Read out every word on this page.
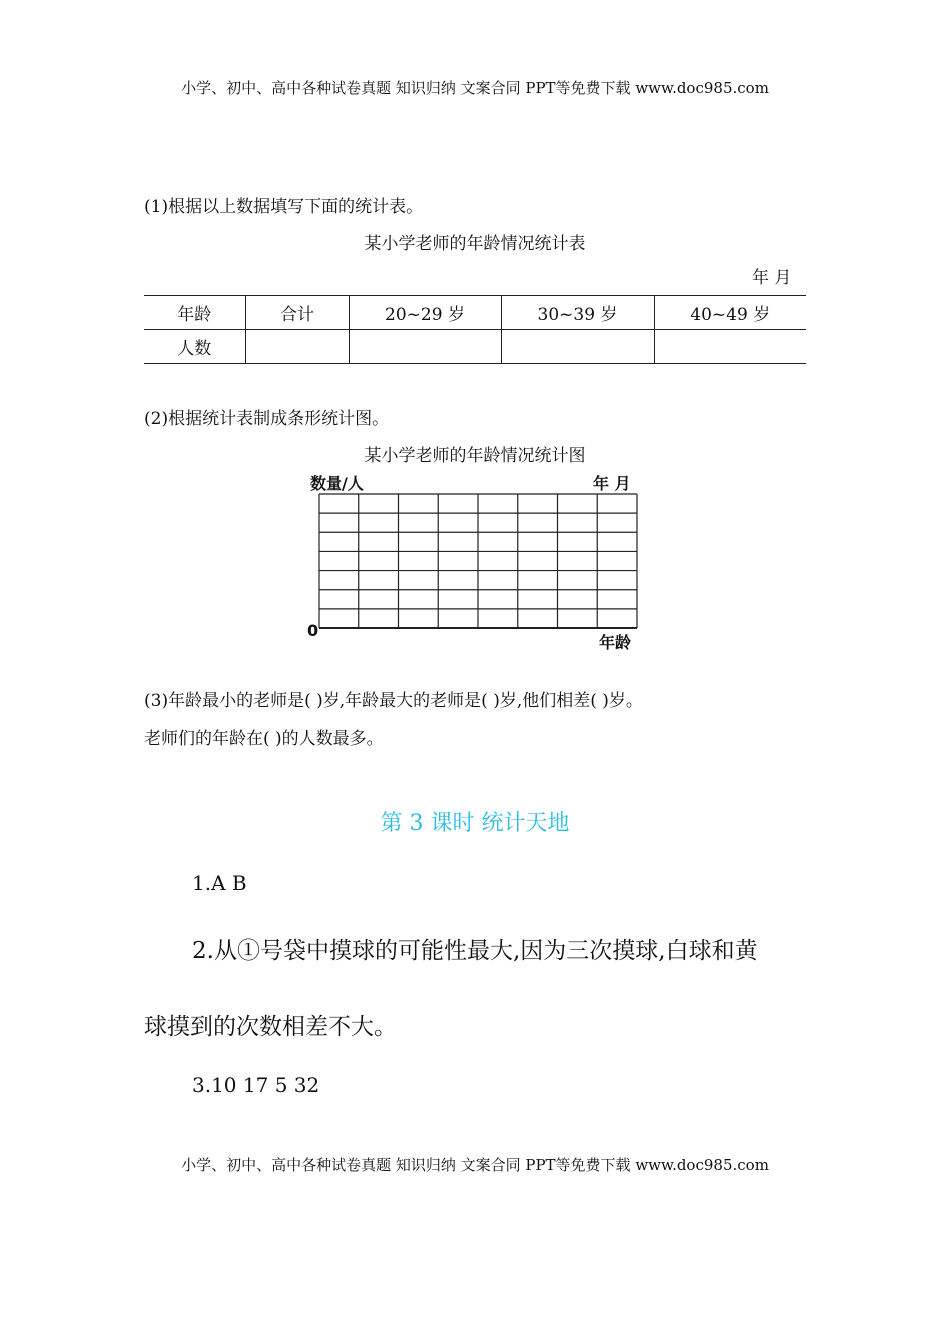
小学、初中、高中各种试卷真题 知识归纳 文案合同 PPT等免费下载 www.doc985.com
(1)根据以上数据填写下面的统计表。
某小学老师的年龄情况统计表
年 月
年龄	合计	20~29 岁	30~39 岁	40~49 岁
人数				
(2)根据统计表制成条形统计图。
某小学老师的年龄情况统计图
数量/人	年 月
0
年龄
(3)年龄最小的老师是( )岁,年龄最大的老师是( )岁,他们相差( )岁。
老师们的年龄在( )的人数最多。
第 3 课时 统计天地
1.A B
2.从①号袋中摸球的可能性最大,因为三次摸球,白球和黄
球摸到的次数相差不大。
3.10 17 5 32
小学、初中、高中各种试卷真题 知识归纳 文案合同 PPT等免费下载 www.doc985.com
